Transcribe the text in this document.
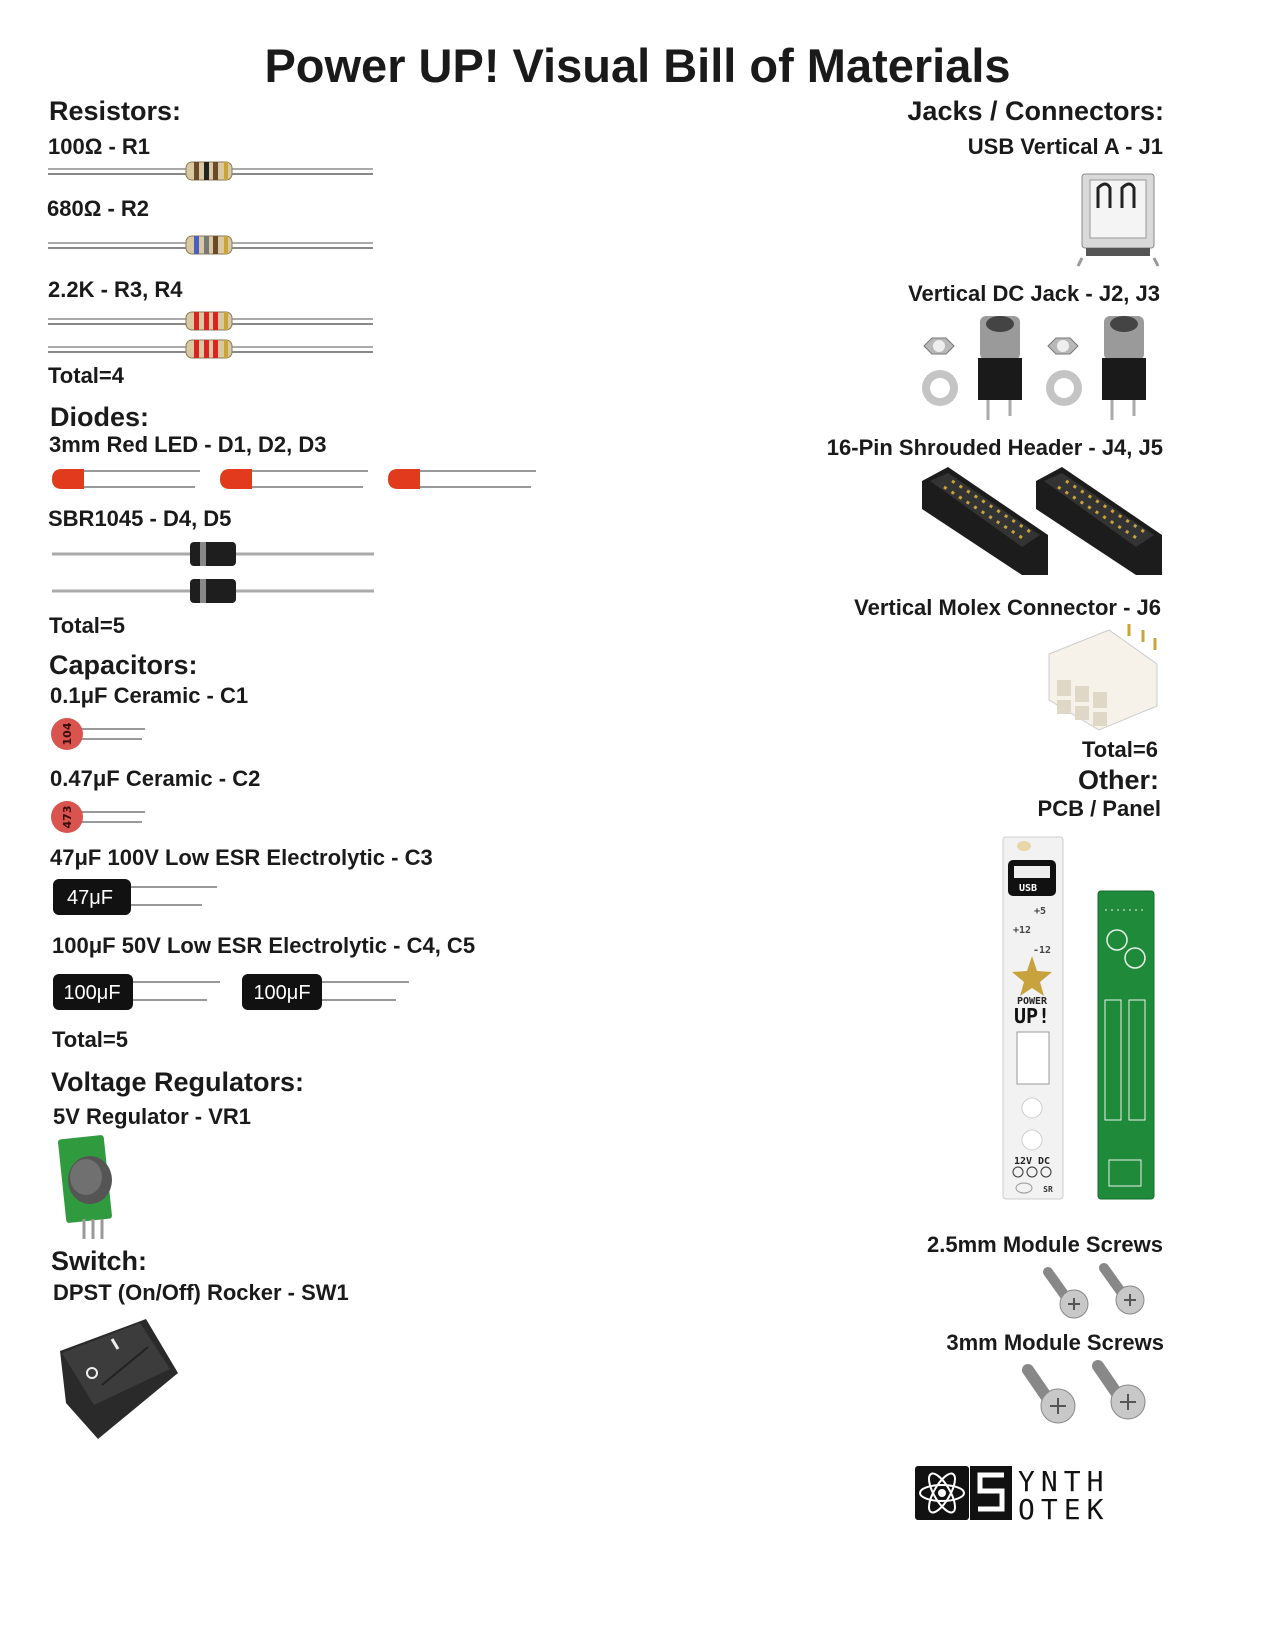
Power UP! Visual Bill of Materials
Resistors:
100Ω - R1
680Ω - R2
2.2K - R3, R4
Total=4
Diodes:
3mm Red LED - D1, D2, D3
SBR1045 - D4, D5
Total=5
Capacitors:
0.1μF Ceramic - C1
104
0.47μF Ceramic - C2
473
47μF 100V Low ESR Electrolytic - C3
47μF
100μF 50V Low ESR Electrolytic - C4, C5
100μF	100μF
Total=5
Voltage Regulators:
5V Regulator - VR1
Switch:
DPST (On/Off) Rocker - SW1
Jacks / Connectors:
USB Vertical A - J1
Vertical DC Jack - J2, J3
16-Pin Shrouded Header - J4, J5
Vertical Molex Connector - J6
Total=6
Other:
PCB / Panel
USB
+5
+12
-12
POWER
UP!
12V DC
SR
2.5mm Module Screws
3mm Module Screws
YNTH
OTEK
